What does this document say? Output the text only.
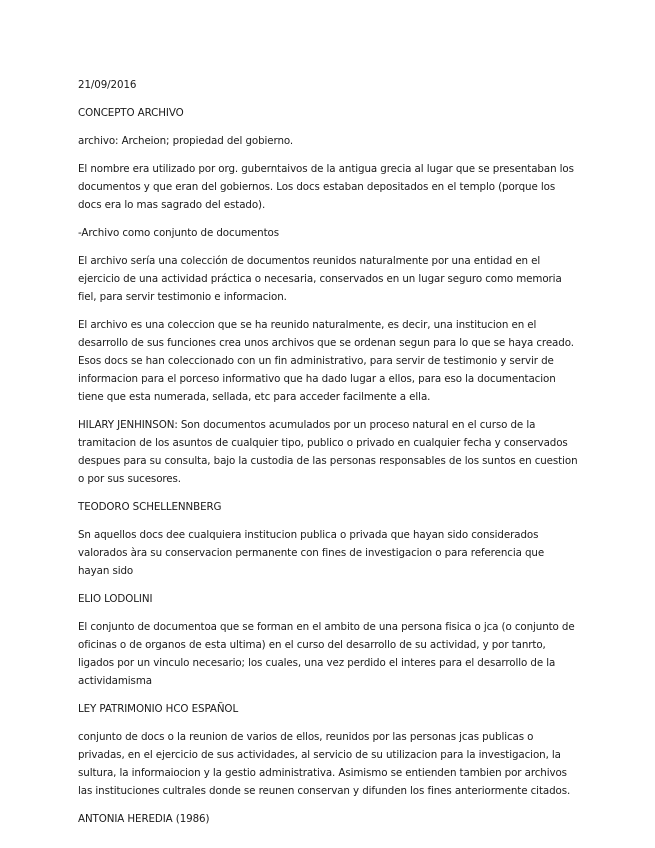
21/09/2016

CONCEPTO ARCHIVO

archivo: Archeion; propiedad del gobierno.

El nombre era utilizado por org. guberntaivos de la antigua grecia al lugar que se presentaban los documentos y que eran del gobiernos. Los docs estaban depositados en el templo (porque los docs era lo mas sagrado del estado).

-Archivo como conjunto de documentos

El archivo sería una colección de documentos reunidos naturalmente por una entidad en el ejercicio de una actividad práctica o necesaria, conservados en un lugar seguro como memoria fiel, para servir testimonio e informacion.

El archivo es una coleccion que se ha reunido naturalmente, es decir, una institucion en el desarrollo de sus funciones crea unos archivos que se ordenan segun para lo que se haya creado. Esos docs se han coleccionado con un fin administrativo, para servir de testimonio y servir de informacion para el porceso informativo que ha dado lugar a ellos, para eso la documentacion tiene que esta numerada, sellada, etc para acceder facilmente a ella.

HILARY JENHINSON: Son documentos acumulados por un proceso natural en el curso de la tramitacion de los asuntos de cualquier tipo, publico o privado en cualquier fecha y conservados despues para su consulta, bajo la custodia de las personas responsables de los suntos en cuestion o por sus sucesores.

TEODORO SCHELLENNBERG

Sn aquellos docs dee cualquiera institucion publica o privada que hayan sido considerados valorados àra su conservacion permanente con fines de investigacion o para referencia que hayan sido

ELIO LODOLINI

El conjunto de documentoa que se forman en el ambito de una persona fisica o jca (o conjunto de oficinas o de organos de esta ultima) en el curso del desarrollo de su actividad, y por tanrto, ligados por un vinculo necesario; los cuales, una vez perdido el interes para el desarrollo de la actividamisma

LEY PATRIMONIO HCO ESPAÑOL

conjunto de docs o la reunion de varios de ellos, reunidos por las personas jcas publicas o privadas, en el ejercicio de sus actividades, al servicio de su utilizacion para la investigacion, la sultura, la informaiocion y la gestio administrativa. Asimismo se entienden tambien por archivos las instituciones cultrales donde se reunen conservan y difunden los fines anteriormente citados.

ANTONIA HEREDIA (1986)
